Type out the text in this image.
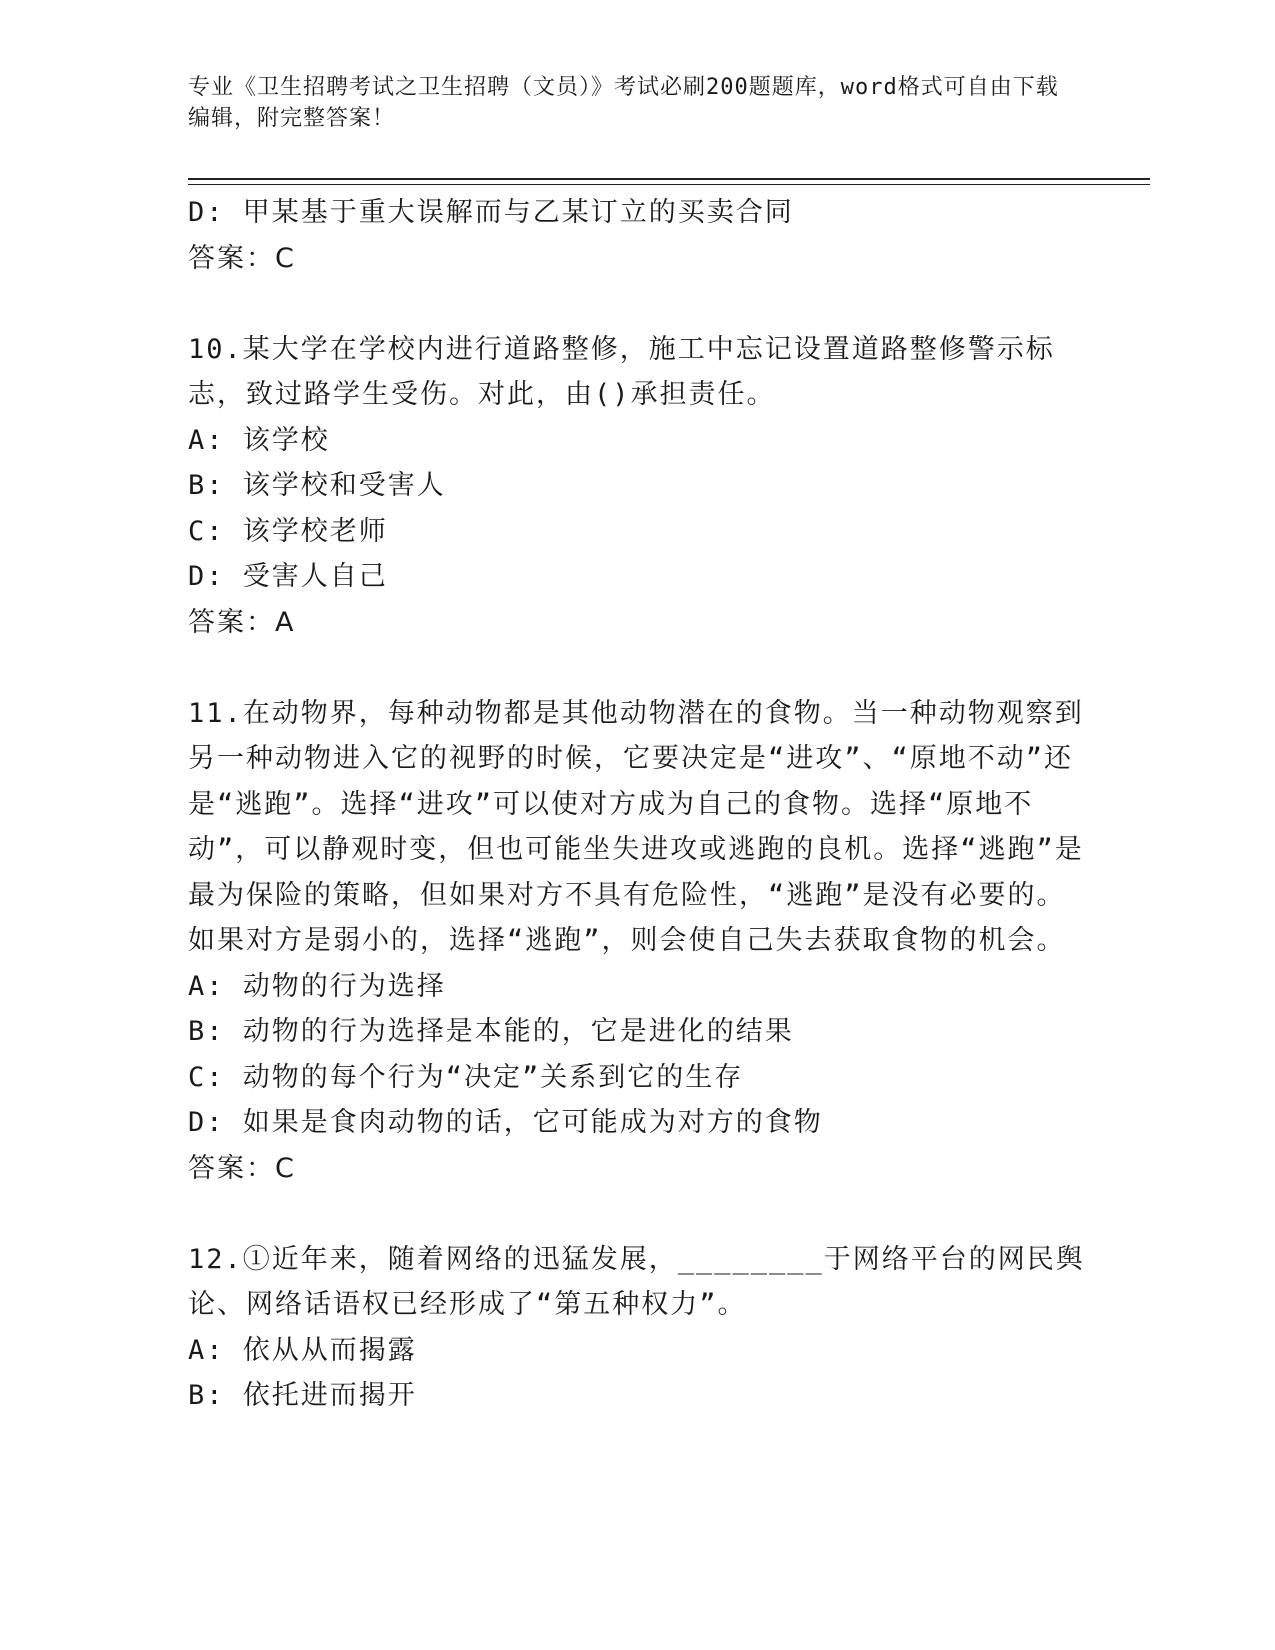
专业《卫生招聘考试之卫生招聘（文员）》考试必刷200题题库，word格式可自由下载编辑，附完整答案！

D: 甲某基于重大误解而与乙某订立的买卖合同

答案：C

10.某大学在学校内进行道路整修，施工中忘记设置道路整修警示标志，致过路学生受伤。对此，由()承担责任。

A: 该学校

B: 该学校和受害人

C: 该学校老师

D: 受害人自己

答案：A

11.在动物界，每种动物都是其他动物潜在的食物。当一种动物观察到另一种动物进入它的视野的时候，它要决定是“进攻”、“原地不动”还是“逃跑”。选择“进攻”可以使对方成为自己的食物。选择“原地不动”，可以静观时变，但也可能坐失进攻或逃跑的良机。选择“逃跑”是最为保险的策略，但如果对方不具有危险性，“逃跑”是没有必要的。如果对方是弱小的，选择“逃跑”，则会使自己失去获取食物的机会。

A: 动物的行为选择

B: 动物的行为选择是本能的，它是进化的结果

C: 动物的每个行为“决定”关系到它的生存

D: 如果是食肉动物的话，它可能成为对方的食物

答案：C

12.①近年来，随着网络的迅猛发展，________于网络平台的网民舆论、网络话语权已经形成了“第五种权力”。

A: 依从从而揭露

B: 依托进而揭开
